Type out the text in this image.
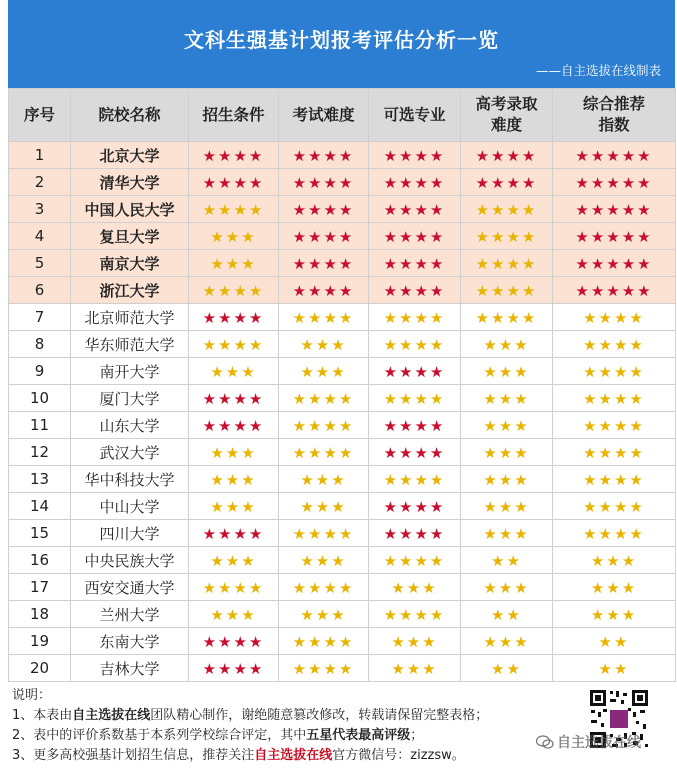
文科生强基计划报考评估分析一览
——自主选拔在线制表
序号	院校名称	招生条件	考试难度	可选专业	高考录取难度	综合推荐指数
1	北京大学	★★★★	★★★★	★★★★	★★★★	★★★★★
2	清华大学	★★★★	★★★★	★★★★	★★★★	★★★★★
3	中国人民大学	★★★★	★★★★	★★★★	★★★★	★★★★★
4	复旦大学	★★★	★★★★	★★★★	★★★★	★★★★★
5	南京大学	★★★	★★★★	★★★★	★★★★	★★★★★
6	浙江大学	★★★★	★★★★	★★★★	★★★★	★★★★★
7	北京师范大学	★★★★	★★★★	★★★★	★★★★	★★★★
8	华东师范大学	★★★★	★★★	★★★★	★★★	★★★★
9	南开大学	★★★	★★★	★★★★	★★★	★★★★
10	厦门大学	★★★★	★★★★	★★★★	★★★	★★★★
11	山东大学	★★★★	★★★★	★★★★	★★★	★★★★
12	武汉大学	★★★	★★★★	★★★★	★★★	★★★★
13	华中科技大学	★★★	★★★	★★★★	★★★	★★★★
14	中山大学	★★★	★★★	★★★★	★★★	★★★★
15	四川大学	★★★★	★★★★	★★★★	★★★	★★★★
16	中央民族大学	★★★	★★★	★★★★	★★	★★★
17	西安交通大学	★★★★	★★★★	★★★	★★★	★★★
18	兰州大学	★★★	★★★	★★★★	★★	★★★
19	东南大学	★★★★	★★★★	★★★	★★★	★★
20	吉林大学	★★★★	★★★★	★★★	★★	★★
说明：
1、本表由自主选拔在线团队精心制作，谢绝随意篡改修改，转载请保留完整表格；
2、表中的评价系数基于本系列学校综合评定，其中五星代表最高评级；
3、更多高校强基计划招生信息，推荐关注自主选拔在线官方微信号：zizzsw。
自主选拔在线
